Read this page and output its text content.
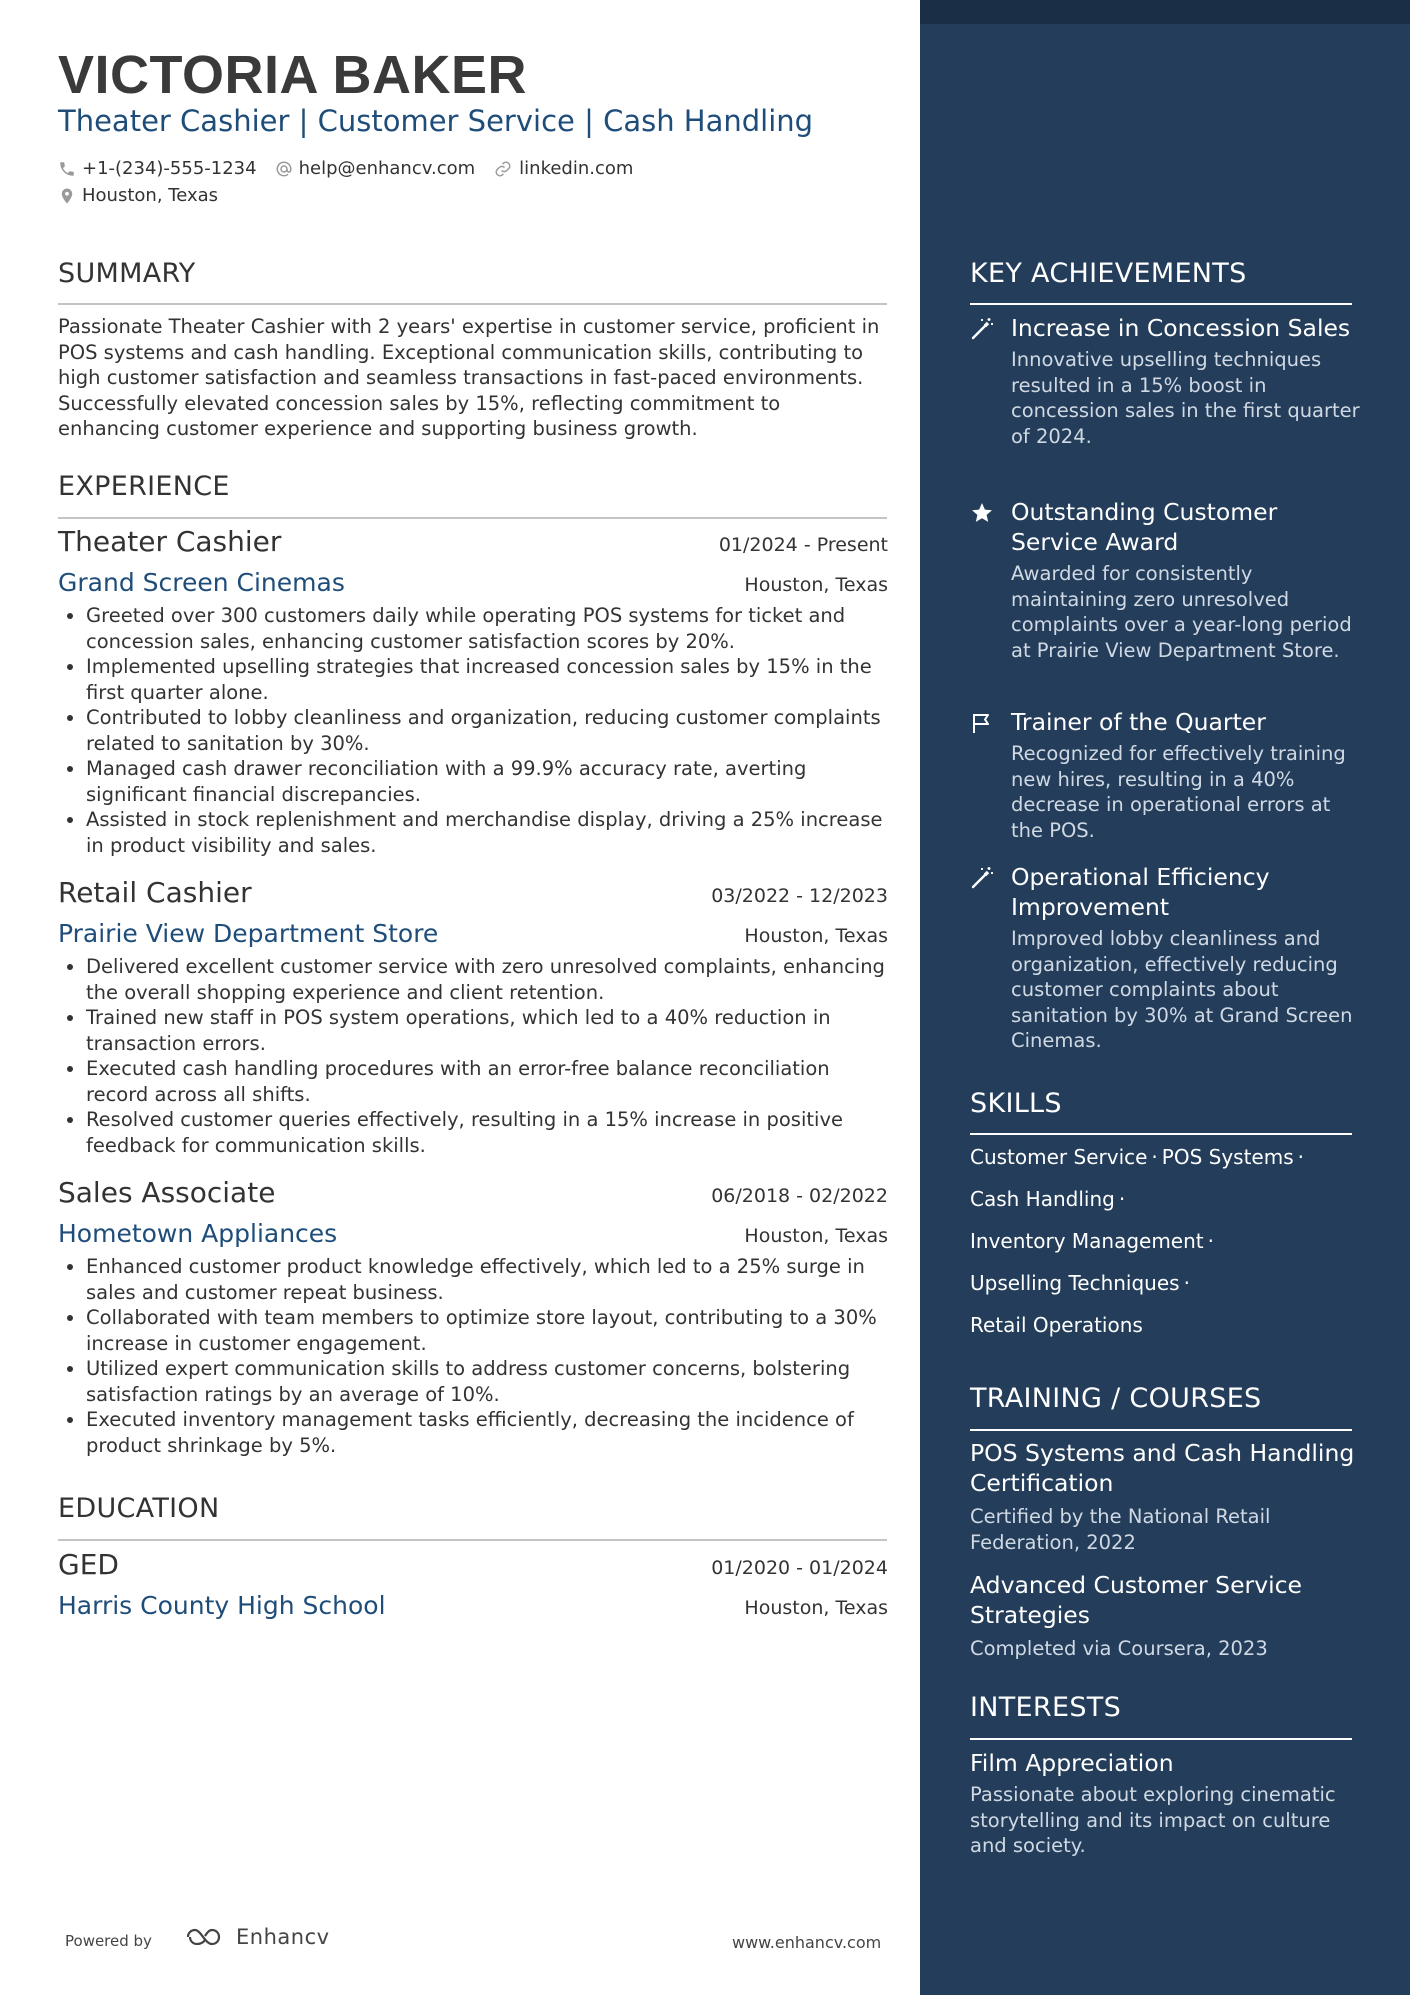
VICTORIA BAKER
Theater Cashier | Customer Service | Cash Handling
+1-(234)-555-1234 help@enhancv.com linkedin.com
Houston, Texas
SUMMARY
Passionate Theater Cashier with 2 years' expertise in customer service, proficient in POS systems and cash handling. Exceptional communication skills, contributing to high customer satisfaction and seamless transactions in fast-paced environments. Successfully elevated concession sales by 15%, reflecting commitment to enhancing customer experience and supporting business growth.
EXPERIENCE
Theater Cashier	01/2024 - Present
Grand Screen Cinemas	Houston, Texas
• Greeted over 300 customers daily while operating POS systems for ticket and concession sales, enhancing customer satisfaction scores by 20%.
• Implemented upselling strategies that increased concession sales by 15% in the first quarter alone.
• Contributed to lobby cleanliness and organization, reducing customer complaints related to sanitation by 30%.
• Managed cash drawer reconciliation with a 99.9% accuracy rate, averting significant financial discrepancies.
• Assisted in stock replenishment and merchandise display, driving a 25% increase in product visibility and sales.
Retail Cashier	03/2022 - 12/2023
Prairie View Department Store	Houston, Texas
• Delivered excellent customer service with zero unresolved complaints, enhancing the overall shopping experience and client retention.
• Trained new staff in POS system operations, which led to a 40% reduction in transaction errors.
• Executed cash handling procedures with an error-free balance reconciliation record across all shifts.
• Resolved customer queries effectively, resulting in a 15% increase in positive feedback for communication skills.
Sales Associate	06/2018 - 02/2022
Hometown Appliances	Houston, Texas
• Enhanced customer product knowledge effectively, which led to a 25% surge in sales and customer repeat business.
• Collaborated with team members to optimize store layout, contributing to a 30% increase in customer engagement.
• Utilized expert communication skills to address customer concerns, bolstering satisfaction ratings by an average of 10%.
• Executed inventory management tasks efficiently, decreasing the incidence of product shrinkage by 5%.
EDUCATION
GED	01/2020 - 01/2024
Harris County High School	Houston, Texas
Powered by	Enhancv	www.enhancv.com
KEY ACHIEVEMENTS
Increase in Concession Sales
Innovative upselling techniques resulted in a 15% boost in concession sales in the first quarter of 2024.
Outstanding Customer Service Award
Awarded for consistently maintaining zero unresolved complaints over a year-long period at Prairie View Department Store.
Trainer of the Quarter
Recognized for effectively training new hires, resulting in a 40% decrease in operational errors at the POS.
Operational Efficiency Improvement
Improved lobby cleanliness and organization, effectively reducing customer complaints about sanitation by 30% at Grand Screen Cinemas.
SKILLS
Customer Service · POS Systems ·
Cash Handling ·
Inventory Management ·
Upselling Techniques ·
Retail Operations
TRAINING / COURSES
POS Systems and Cash Handling Certification
Certified by the National Retail Federation, 2022
Advanced Customer Service Strategies
Completed via Coursera, 2023
INTERESTS
Film Appreciation
Passionate about exploring cinematic storytelling and its impact on culture and society.
